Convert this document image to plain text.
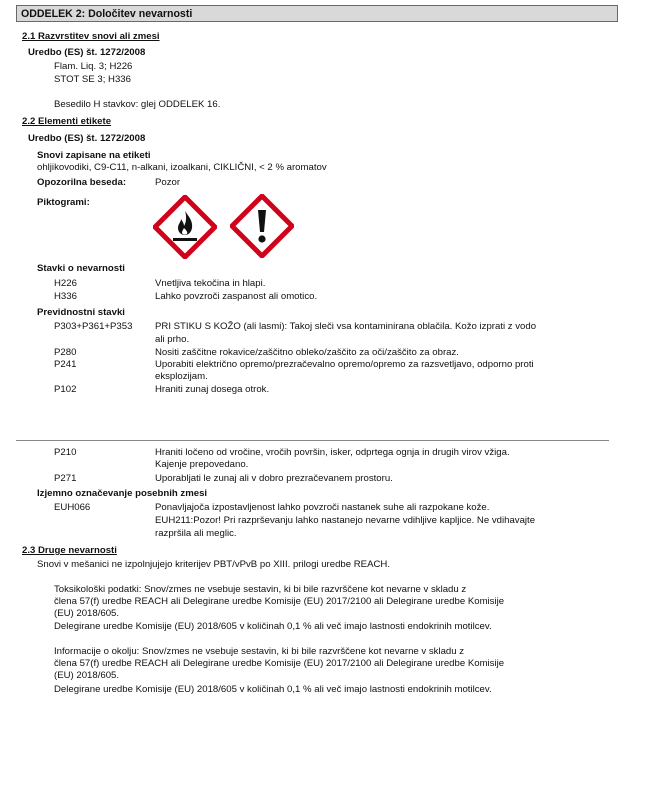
ODDELEK 2: Določitev nevarnosti
2.1 Razvrstitev snovi ali zmesi
Uredbo (ES) št. 1272/2008
Flam. Liq. 3; H226
STOT SE 3; H336
Besedilo H stavkov: glej ODDELEK 16.
2.2 Elementi etikete
Uredbo (ES) št. 1272/2008
Snovi zapisane na etiketi
ohljikovodiki, C9-C11, n-alkani, izoalkani, CIKLIČNI, < 2 % aromatov
Opozorilna beseda:	Pozor
Piktogrami:
Stavki o nevarnosti
H226	Vnetljiva tekočina in hlapi.
H336	Lahko povzroči zaspanost ali omotico.
Previdnostni stavki
P303+P361+P353 PRI STIKU S KOŽO (ali lasmi): Takoj sleči vsa kontaminirana oblačila. Kožo izprati z vodo
ali prho.
P280	Nositi zaščitne rokavice/zaščitno obleko/zaščito za oči/zaščito za obraz.
P241	Uporabiti električno opremo/prezračevalno opremo/opremo za razsvetljavo, odporno proti
eksplozijam.
P102	Hraniti zunaj dosega otrok.
P210	Hraniti ločeno od vročine, vročih površin, isker, odprtega ognja in drugih virov vžiga.
Kajenje prepovedano.
P271	Uporabljati le zunaj ali v dobro prezračevanem prostoru.
Izjemno označevanje posebnih zmesi
EUH066	Ponavljajoča izpostavljenost lahko povzroči nastanek suhe ali razpokane kože.
EUH211:Pozor! Pri razprševanju lahko nastanejo nevarne vdihljive kapljice. Ne vdihavajte
razpršila ali meglic.
2.3 Druge nevarnosti
Snovi v mešanici ne izpolnjujejo kriterijev PBT/vPvB po XIII. prilogi uredbe REACH.
Toksikološki podatki: Snov/zmes ne vsebuje sestavin, ki bi bile razvrščene kot nevarne v skladu z
člena 57(f) uredbe REACH ali Delegirane uredbe Komisije (EU) 2017/2100 ali Delegirane uredbe Komisije
(EU) 2018/605.
Delegirane uredbe Komisije (EU) 2018/605 v količinah 0,1 % ali več imajo lastnosti endokrinih motilcev.
Informacije o okolju: Snov/zmes ne vsebuje sestavin, ki bi bile razvrščene kot nevarne v skladu z
člena 57(f) uredbe REACH ali Delegirane uredbe Komisije (EU) 2017/2100 ali Delegirane uredbe Komisije
(EU) 2018/605.
Delegirane uredbe Komisije (EU) 2018/605 v količinah 0,1 % ali več imajo lastnosti endokrinih motilcev.
